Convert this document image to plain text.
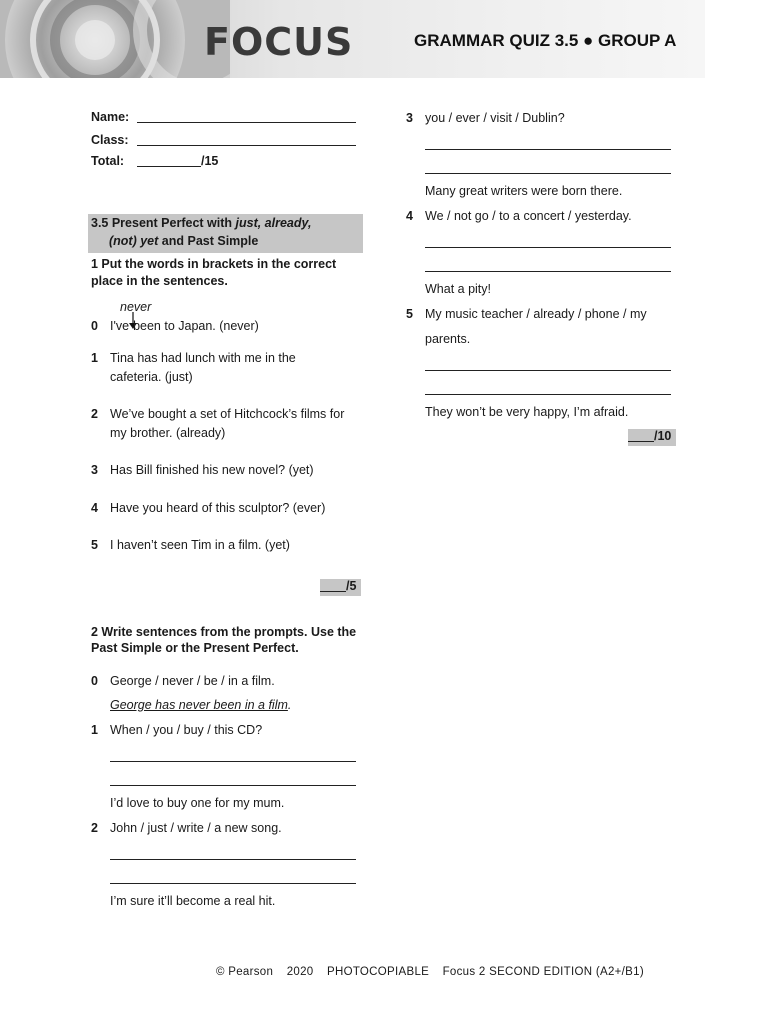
FOCUS	GRAMMAR QUIZ 3.5 ● GROUP A
Name:
Class:
Total:	/15
3.5 Present Perfect with just, already,
(not) yet and Past Simple
1 Put the words in brackets in the correct
place in the sentences.
never
0 I've been to Japan. (never)
1 Tina has had lunch with me in the
cafeteria. (just)
2 We’ve bought a set of Hitchcock’s films for
my brother. (already)
3 Has Bill finished his new novel? (yet)
4 Have you heard of this sculptor? (ever)
5 I haven’t seen Tim in a film. (yet)
/5
2 Write sentences from the prompts. Use the
Past Simple or the Present Perfect.
0 George / never / be / in a film.
George has never been in a film.
1 When / you / buy / this CD?
I’d love to buy one for my mum.
2 John / just / write / a new song.
I’m sure it’ll become a real hit.
3 you / ever / visit / Dublin?
Many great writers were born there.
4 We / not go / to a concert / yesterday.
What a pity!
5 My music teacher / already / phone / my
parents.
They won’t be very happy, I’m afraid.
/10
© Pearson 2020 PHOTOCOPIABLE Focus 2 SECOND EDITION (A2+/B1)
